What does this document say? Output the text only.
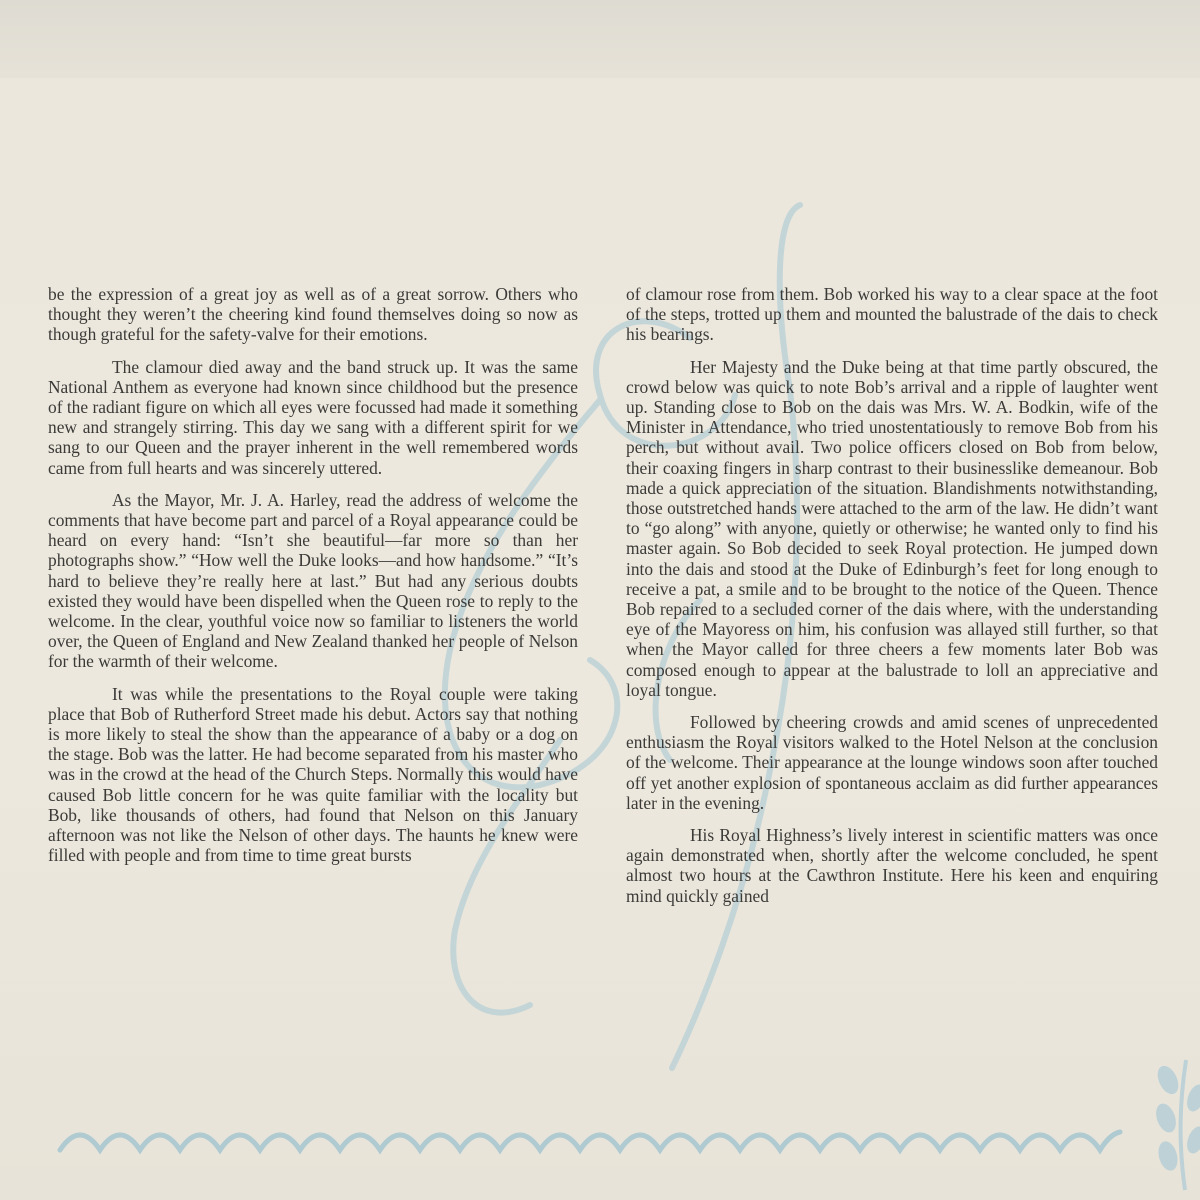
be the expression of a great joy as well as of a great sorrow. Others who thought they weren’t the cheering kind found themselves doing so now as though grateful for the safety-valve for their emotions.

The clamour died away and the band struck up. It was the same National Anthem as everyone had known since childhood but the presence of the radiant figure on which all eyes were focussed had made it something new and strangely stirring. This day we sang with a different spirit for we sang to our Queen and the prayer inherent in the well remembered words came from full hearts and was sincerely uttered.

As the Mayor, Mr. J. A. Harley, read the address of welcome the comments that have become part and parcel of a Royal appearance could be heard on every hand: “Isn’t she beautiful—far more so than her photographs show.” “How well the Duke looks—and how handsome.” “It’s hard to believe they’re really here at last.” But had any serious doubts existed they would have been dispelled when the Queen rose to reply to the welcome. In the clear, youthful voice now so familiar to listeners the world over, the Queen of England and New Zealand thanked her people of Nelson for the warmth of their welcome.

It was while the presentations to the Royal couple were taking place that Bob of Rutherford Street made his debut. Actors say that nothing is more likely to steal the show than the appearance of a baby or a dog on the stage. Bob was the latter. He had become separated from his master who was in the crowd at the head of the Church Steps. Normally this would have caused Bob little concern for he was quite familiar with the locality but Bob, like thousands of others, had found that Nelson on this January afternoon was not like the Nelson of other days. The haunts he knew were filled with people and from time to time great bursts

of clamour rose from them. Bob worked his way to a clear space at the foot of the steps, trotted up them and mounted the balustrade of the dais to check his bearings.

Her Majesty and the Duke being at that time partly obscured, the crowd below was quick to note Bob’s arrival and a ripple of laughter went up. Standing close to Bob on the dais was Mrs. W. A. Bodkin, wife of the Minister in Attendance, who tried unostentatiously to remove Bob from his perch, but without avail. Two police officers closed on Bob from below, their coaxing fingers in sharp contrast to their businesslike demeanour. Bob made a quick appreciation of the situation. Blandishments notwithstanding, those outstretched hands were attached to the arm of the law. He didn’t want to “go along” with anyone, quietly or otherwise; he wanted only to find his master again. So Bob decided to seek Royal protection. He jumped down into the dais and stood at the Duke of Edinburgh’s feet for long enough to receive a pat, a smile and to be brought to the notice of the Queen. Thence Bob repaired to a secluded corner of the dais where, with the understanding eye of the Mayoress on him, his confusion was allayed still further, so that when the Mayor called for three cheers a few moments later Bob was composed enough to appear at the balustrade to loll an appreciative and loyal tongue.

Followed by cheering crowds and amid scenes of unprecedented enthusiasm the Royal visitors walked to the Hotel Nelson at the conclusion of the welcome. Their appearance at the lounge windows soon after touched off yet another explosion of spontaneous acclaim as did further appearances later in the evening.

His Royal Highness’s lively interest in scientific matters was once again demonstrated when, shortly after the welcome concluded, he spent almost two hours at the Cawthron Institute. Here his keen and enquiring mind quickly gained
